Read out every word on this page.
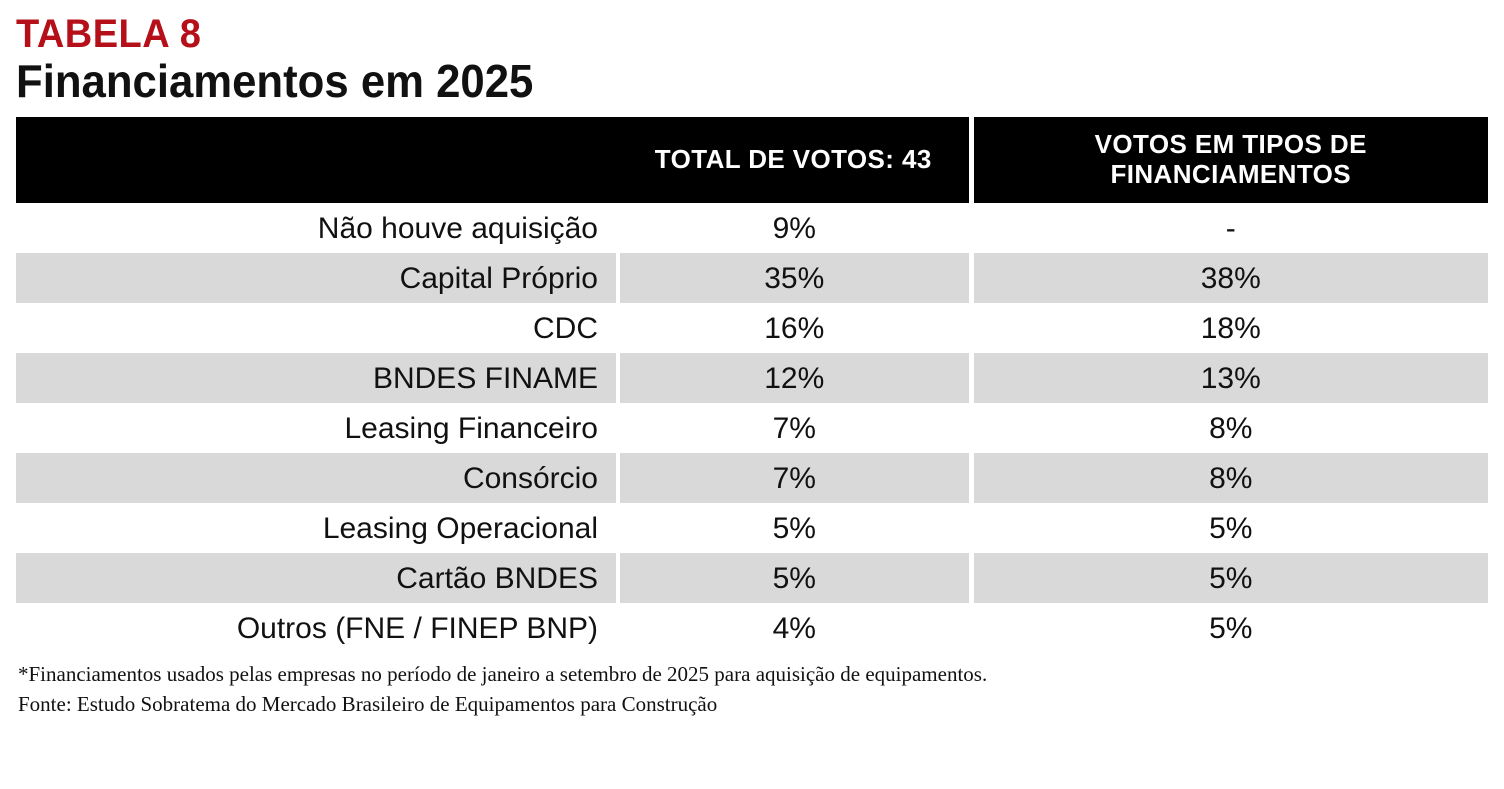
TABELA 8
Financiamentos em 2025
	TOTAL DE VOTOS: 43	VOTOS EM TIPOS DE FINANCIAMENTOS
Não houve aquisição	9%	-
Capital Próprio	35%	38%
CDC	16%	18%
BNDES FINAME	12%	13%
Leasing Financeiro	7%	8%
Consórcio	7%	8%
Leasing Operacional	5%	5%
Cartão BNDES	5%	5%
Outros (FNE / FINEP BNP)	4%	5%
*Financiamentos usados pelas empresas no período de janeiro a setembro de 2025 para aquisição de equipamentos.
Fonte: Estudo Sobratema do Mercado Brasileiro de Equipamentos para Construção
